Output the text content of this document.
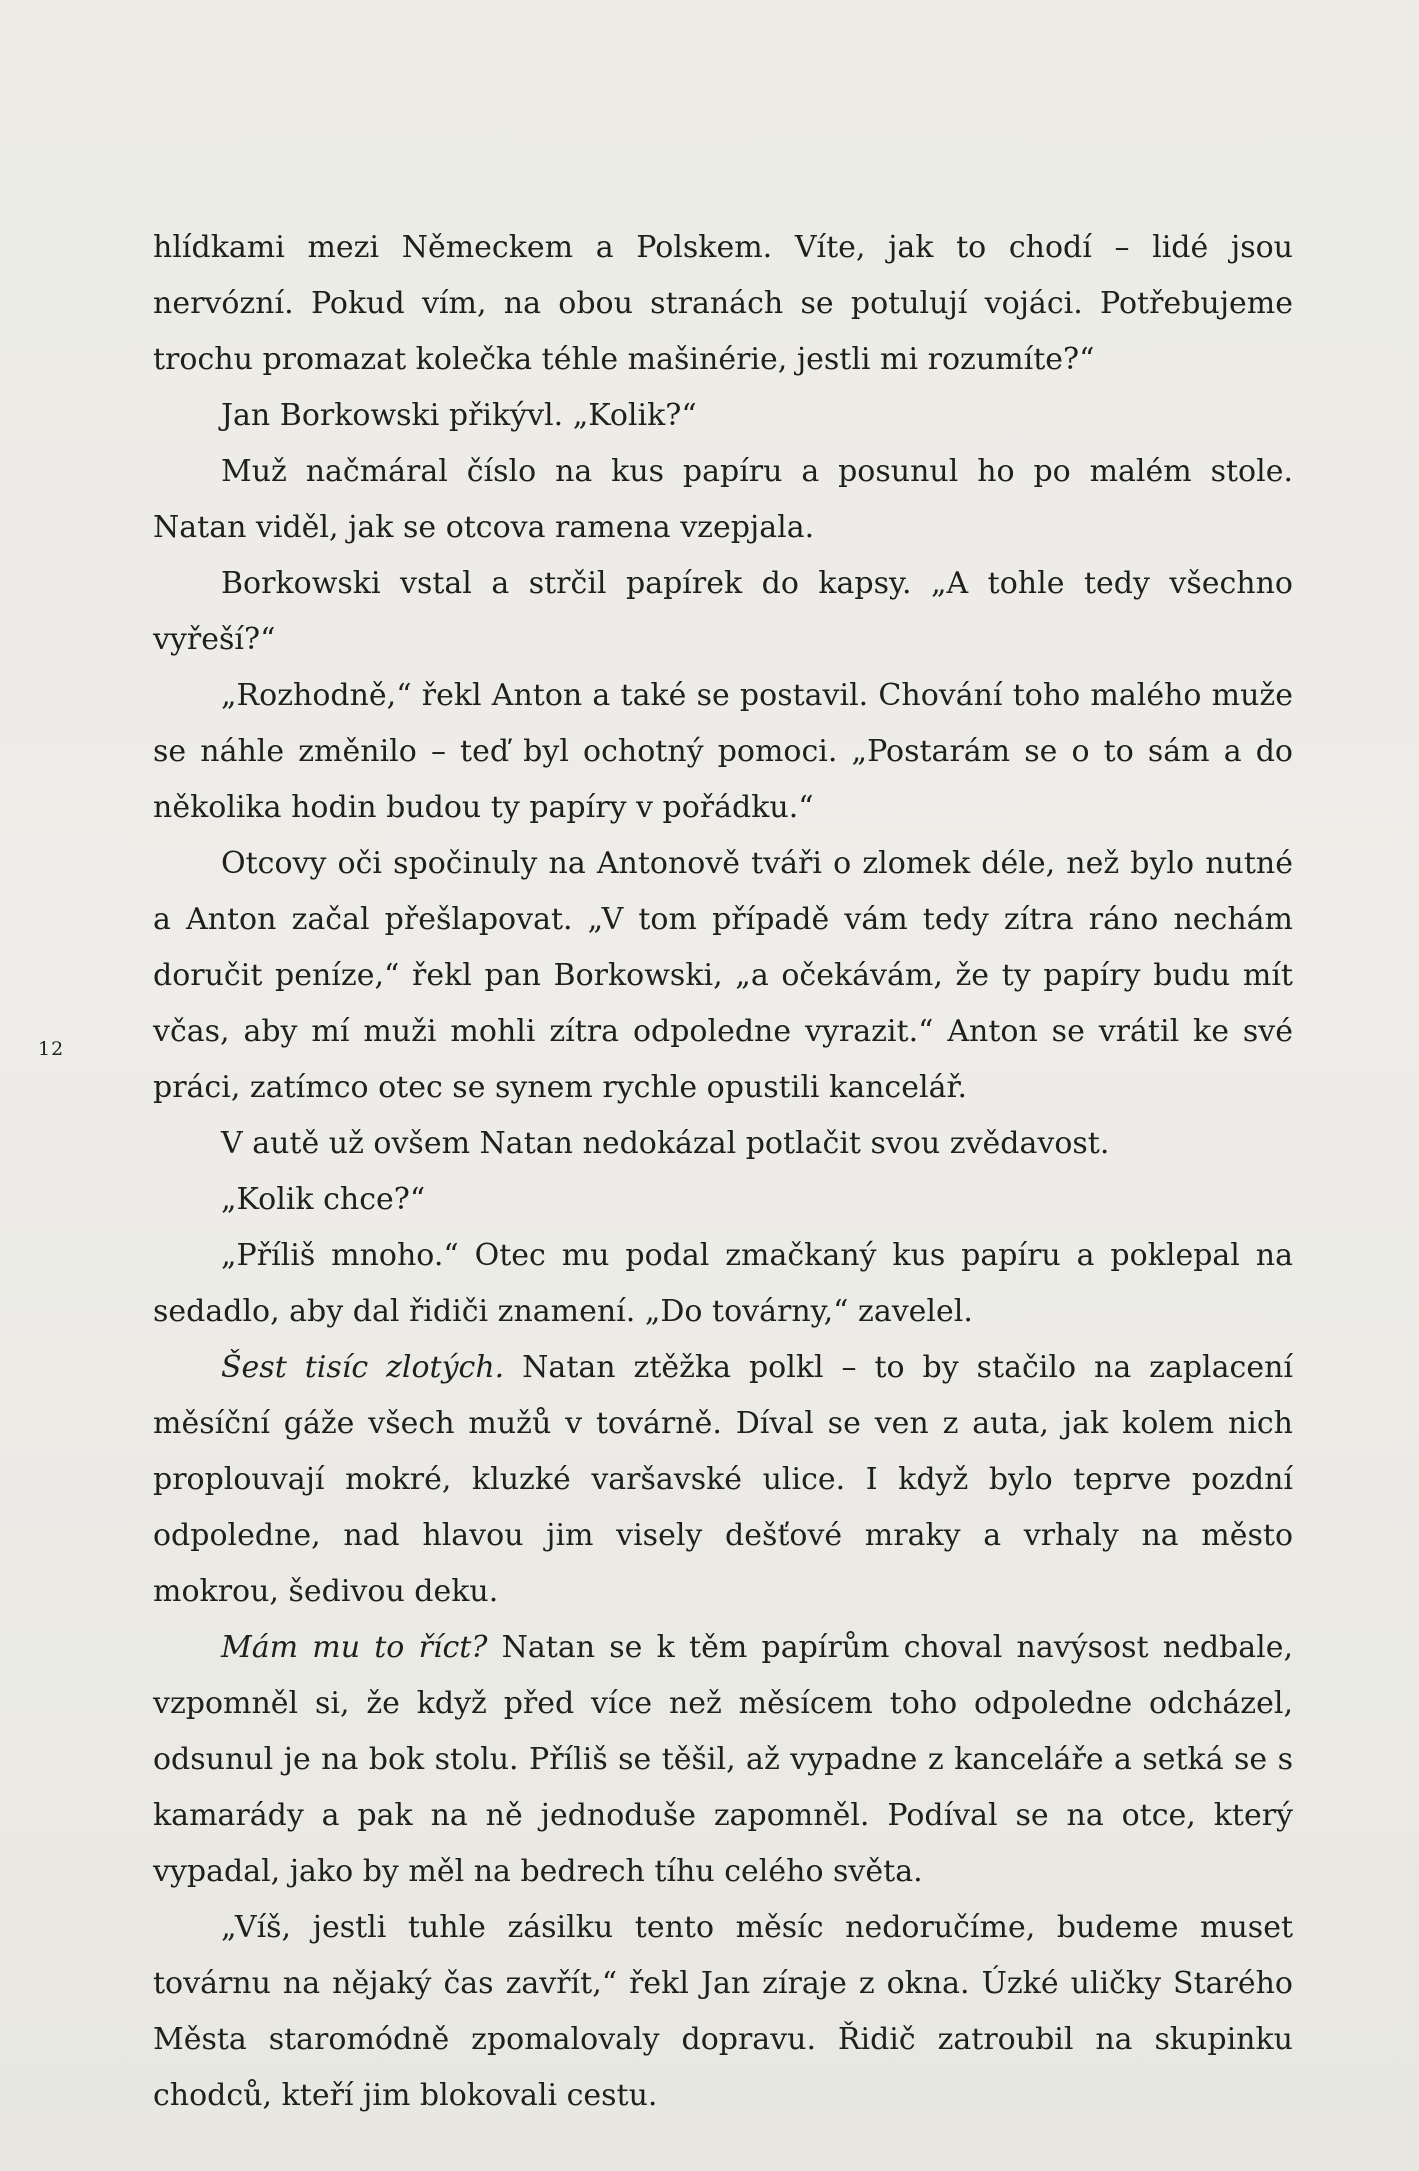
12

hlídkami mezi Německem a Polskem. Víte, jak to chodí – lidé jsou nervózní. Pokud vím, na obou stranách se potulují vojáci. Potřebujeme trochu promazat kolečka téhle mašinérie, jestli mi rozumíte?“

Jan Borkowski přikývl. „Kolik?“

Muž načmáral číslo na kus papíru a posunul ho po malém stole. Natan viděl, jak se otcova ramena vzepjala.

Borkowski vstal a strčil papírek do kapsy. „A tohle tedy všechno vyřeší?“

„Rozhodně,“ řekl Anton a také se postavil. Chování toho malého muže se náhle změnilo – teď byl ochotný pomoci. „Postarám se o to sám a do několika hodin budou ty papíry v pořádku.“

Otcovy oči spočinuly na Antonově tváři o zlomek déle, než bylo nutné a Anton začal přešlapovat. „V tom případě vám tedy zítra ráno nechám doručit peníze,“ řekl pan Borkowski, „a očekávám, že ty papíry budu mít včas, aby mí muži mohli zítra odpoledne vyrazit.“ Anton se vrátil ke své práci, zatímco otec se synem rychle opustili kancelář.

V autě už ovšem Natan nedokázal potlačit svou zvědavost.

„Kolik chce?“

„Příliš mnoho.“ Otec mu podal zmačkaný kus papíru a poklepal na sedadlo, aby dal řidiči znamení. „Do továrny,“ zavelel.

Šest tisíc zlotých. Natan ztěžka polkl – to by stačilo na zaplacení měsíční gáže všech mužů v továrně. Díval se ven z auta, jak kolem nich proplouvají mokré, kluzké varšavské ulice. I když bylo teprve pozdní odpoledne, nad hlavou jim visely dešťové mraky a vrhaly na město mokrou, šedivou deku.

Mám mu to říct? Natan se k těm papírům choval navýsost nedbale, vzpomněl si, že když před více než měsícem toho odpoledne odcházel, odsunul je na bok stolu. Příliš se těšil, až vypadne z kanceláře a setká se s kamarády a pak na ně jednoduše zapomněl. Podíval se na otce, který vypadal, jako by měl na bedrech tíhu celého světa.

„Víš, jestli tuhle zásilku tento měsíc nedoručíme, budeme muset továrnu na nějaký čas zavřít,“ řekl Jan zíraje z okna. Úzké uličky Starého Města staromódně zpomalovaly dopravu. Řidič zatroubil na skupinku chodců, kteří jim blokovali cestu.
